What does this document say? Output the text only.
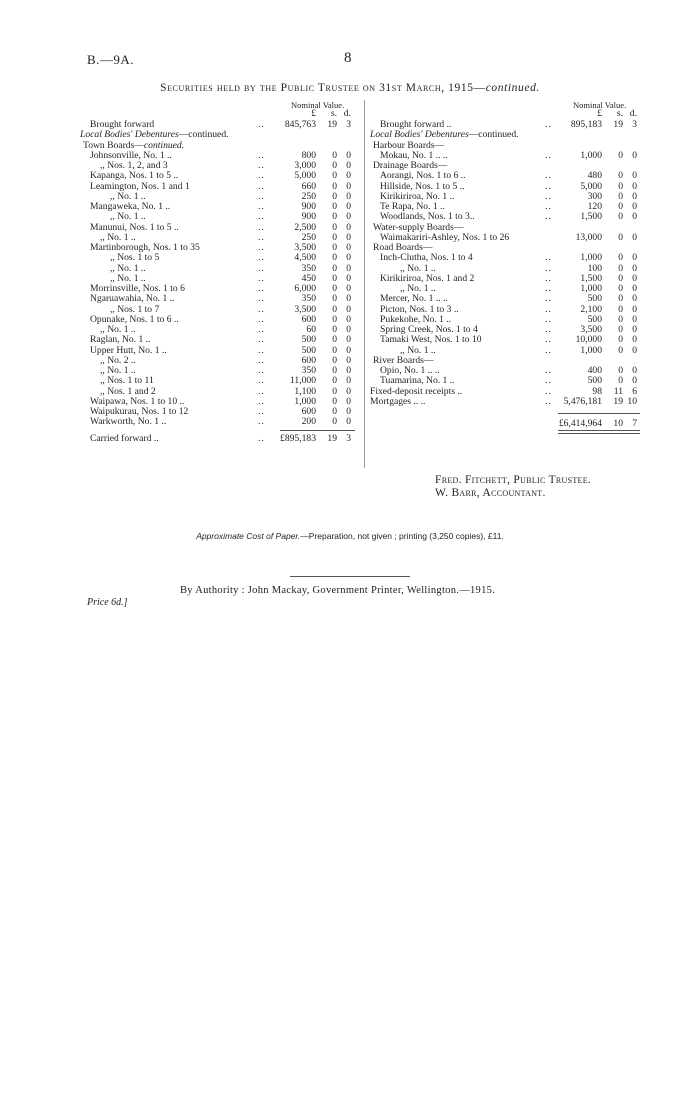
B.—9A.	8
Securities held by the Public Trustee on 31st March, 1915—continued.
Nominal Value.
£ s. d.
Brought forward	.. 845,763 19 3
Local Bodies' Debentures—continued.
Town Boards—continued.
Johnsonville, No. 1 ..	..	800 0 0
,, Nos. 1, 2, and 3	..	3,000 0 0
Kapanga, Nos. 1 to 5 ..	..	5,000 0 0
Leamington, Nos. 1 and 1	..	660 0 0
,, No. 1 ..	..	250 0 0
Mangaweka, No. 1 ..	..	900 0 0
,, No. 1 ..	..	900 0 0
Manunui, Nos. 1 to 5 ..	..	2,500 0 0
,, No. 1 ..	..	250 0 0
Martinborough, Nos. 1 to 35	..	3,500 0 0
,, Nos. 1 to 5	..	4,500 0 0
,, No. 1 ..	..	350 0 0
,, No. 1 ..	..	450 0 0
Morrinsville, Nos. 1 to 6	..	6,000 0 0
Ngaruawahia, No. 1 ..	..	350 0 0
,, Nos. 1 to 7	..	3,500 0 0
Opunake, Nos. 1 to 6 ..	..	600 0 0
,, No. 1 ..	..	60 0 0
Raglan, No. 1 ..	..	500 0 0
Upper Hutt, No. 1 ..	..	500 0 0
,, No. 2 ..	..	600 0 0
,, No. 1 ..	..	350 0 0
,, Nos. 1 to 11	..	11,000 0 0
,, Nos. 1 and 2	..	1,100 0 0
Waipawa, Nos. 1 to 10 ..	..	1,000 0 0
Waipukurau, Nos. 1 to 12	..	600 0 0
Warkworth, No. 1 ..	..	200 0 0
Carried forward ..	.. £895,183 19 3
Nominal Value.
£ s. d.
Brought forward ..	.. 895,183 19 3
Local Bodies' Debentures—continued.
Harbour Boards—
Mokau, No. 1 .. ..	..	1,000 0 0
Drainage Boards—
Aorangi, Nos. 1 to 6 ..	..	480 0 0
Hillside, Nos. 1 to 5 ..	..	5,000 0 0
Kirikiriroa, No. 1 ..	..	300 0 0
Te Rapa, No. 1 ..	..	120 0 0
Woodlands, Nos. 1 to 3..	..	1,500 0 0
Water-supply Boards—
Waimakariri-Ashley, Nos. 1 to 26	13,000 0 0
Road Boards—
Inch-Clutha, Nos. 1 to 4	..	1,000 0 0
,, No. 1 ..	..	100 0 0
Kirikiriroa, Nos. 1 and 2	..	1,500 0 0
,, No. 1 ..	..	1,000 0 0
Mercer, No. 1 .. ..	..	500 0 0
Picton, Nos. 1 to 3 ..	..	2,100 0 0
Pukekohe, No. 1 ..	..	500 0 0
Spring Creek, Nos. 1 to 4	..	3,500 0 0
Tamaki West, Nos. 1 to 10	.. 10,000 0 0
,, No. 1 ..	..	1,000 0 0
River Boards—
Opio, No. 1 .. ..	..	400 0 0
Tuamarina, No. 1 ..	..	500 0 0
Fixed-deposit receipts ..	..	98 11 6
Mortgages .. ..	.. 5,476,181 19 10
£6,414,964 10 7
Fred. Fitchett, Public Trustee.
W. Barr, Accountant.
Approximate Cost of Paper.—Preparation, not given ; printing (3,250 copies), £11.
By Authority : John Mackay, Government Printer, Wellington.—1915.
Price 6d.]
